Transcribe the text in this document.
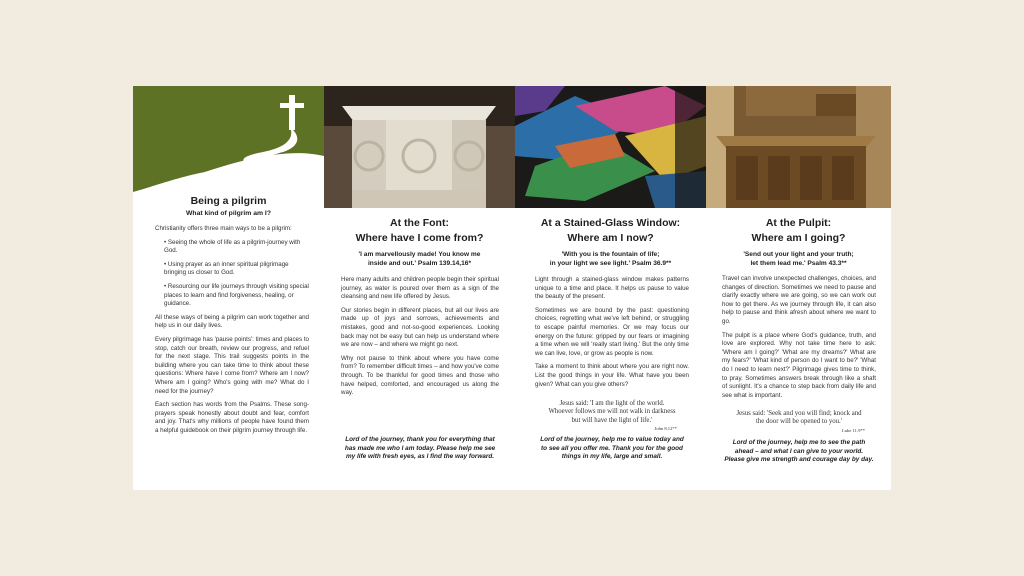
Being a pilgrim
What kind of pilgrim am I?

Christianity offers three main ways to be a pilgrim:

• Seeing the whole of life as a pilgrim-journey with God.

• Using prayer as an inner spiritual pilgrimage bringing us closer to God.

• Resourcing our life journeys through visiting special places to learn and find forgiveness, healing, or guidance.

All these ways of being a pilgrim can work together and help us in our daily lives.

Every pilgrimage has 'pause points': times and places to stop, catch our breath, review our progress, and refuel for the next stage. This trail suggests points in the building where you can take time to think about these questions: Where have I come from? Where am I now? Where am I going? Who's going with me? What do I need for the journey?

Each section has words from the Psalms. These song-prayers speak honestly about doubt and fear, comfort and joy. That's why millions of people have found them a helpful guidebook on their pilgrim journey through life.

At the Font:
Where have I come from?
'I am marvellously made! You know me
inside and out.' Psalm 139.14,16*

Here many adults and children people begin their spiritual journey, as water is poured over them as a sign of the cleansing and new life offered by Jesus.

Our stories begin in different places, but all our lives are made up of joys and sorrows, achievements and mistakes, good and not-so-good experiences. Looking back may not be easy but can help us understand where we are now – and where we might go next.

Why not pause to think about where you have come from? To remember difficult times – and how you've come through. To be thankful for good times and those who have helped, comforted, and encouraged us along the way.

Lord of the journey, thank you for everything that has made me who I am today. Please help me see my life with fresh eyes, as I find the way forward.
At a Stained-Glass Window:
Where am I now?
'With you is the fountain of life;
in your light we see light.' Psalm 36.9**

Light through a stained-glass window makes patterns unique to a time and place. It helps us pause to value the beauty of the present.

Sometimes we are bound by the past: questioning choices, regretting what we've left behind, or struggling to escape painful memories. Or we may focus our energy on the future: gripped by our fears or imagining a time when we will 'really start living.' But the only time we can live, love, or grow as people is now.

Take a moment to think about where you are right now. List the good things in your life. What have you been given? What can you give others?

Jesus said: 'I am the light of the world. Whoever follows me will not walk in darkness but will have the light of life.'
John 8.12**
Lord of the journey, help me to value today and to see all you offer me. Thank you for the good things in my life, large and small.
At the Pulpit:
Where am I going?
'Send out your light and your truth;
let them lead me.' Psalm 43.3**

Travel can involve unexpected challenges, choices, and changes of direction. Sometimes we need to pause and clarify exactly where we are going, so we can work out how to get there. As we journey through life, it can also help to pause and think afresh about where we want to go.

The pulpit is a place where God's guidance, truth, and love are explored. Why not take time here to ask: 'Where am I going?' 'What are my dreams?' What are my fears?' 'What kind of person do I want to be?' 'What do I need to learn next?' Pilgrimage gives time to think, to pray. Sometimes answers break through like a shaft of sunlight. It's a chance to step back from daily life and see what is important.

Jesus said: 'Seek and you will find; knock and the door will be opened to you.'
Luke 11.9**
Lord of the journey, help me to see the path ahead – and what I can give to your world. Please give me strength and courage day by day.
